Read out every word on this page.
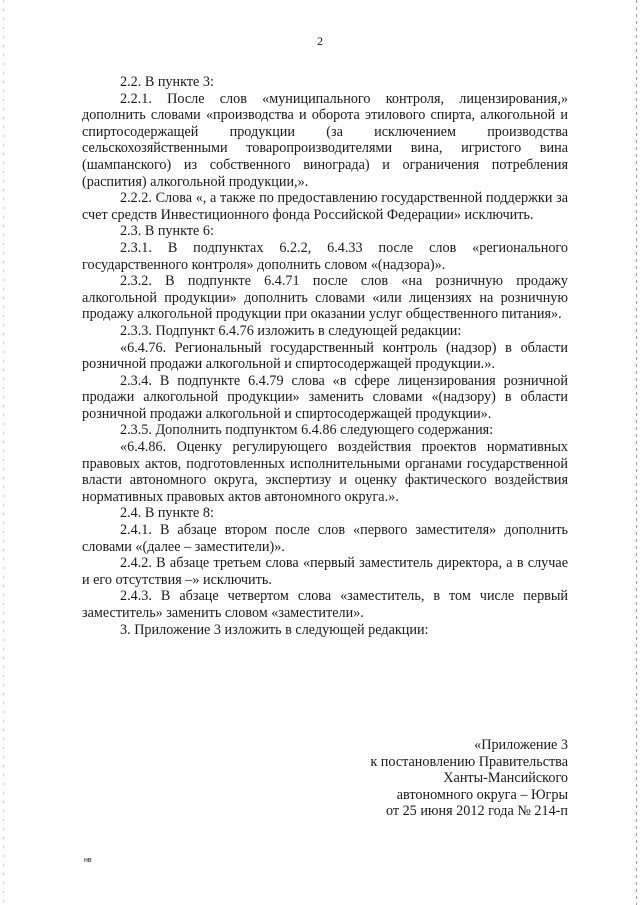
2

2.2. В пункте 3:

2.2.1. После слов «муниципального контроля, лицензирования,» дополнить словами «производства и оборота этилового спирта, алкогольной и спиртосодержащей продукции (за исключением производства сельскохозяйственными товаропроизводителями вина, игристого вина (шампанского) из собственного винограда) и ограничения потребления (распития) алкогольной продукции,».

2.2.2. Слова «, а также по предоставлению государственной поддержки за счет средств Инвестиционного фонда Российской Федерации» исключить.

2.3. В пункте 6:

2.3.1. В подпунктах 6.2.2, 6.4.33 после слов «регионального государственного контроля» дополнить словом «(надзора)».

2.3.2. В подпункте 6.4.71 после слов «на розничную продажу алкогольной продукции» дополнить словами «или лицензиях на розничную продажу алкогольной продукции при оказании услуг общественного питания».

2.3.3. Подпункт 6.4.76 изложить в следующей редакции:

«6.4.76. Региональный государственный контроль (надзор) в области розничной продажи алкогольной и спиртосодержащей продукции.».

2.3.4. В подпункте 6.4.79 слова «в сфере лицензирования розничной продажи алкогольной продукции» заменить словами «(надзору) в области розничной продажи алкогольной и спиртосодержащей продукции».

2.3.5. Дополнить подпунктом 6.4.86 следующего содержания:

«6.4.86. Оценку регулирующего воздействия проектов нормативных правовых актов, подготовленных исполнительными органами государственной власти автономного округа, экспертизу и оценку фактического воздействия нормативных правовых актов автономного округа.».

2.4. В пункте 8:

2.4.1. В абзаце втором после слов «первого заместителя» дополнить словами «(далее – заместители)».

2.4.2. В абзаце третьем слова «первый заместитель директора, а в случае и его отсутствия –» исключить.

2.4.3. В абзаце четвертом слова «заместитель, в том числе первый заместитель» заменить словом «заместители».

3. Приложение 3 изложить в следующей редакции:

«Приложение 3
к постановлению Правительства
Ханты-Мансийского
автономного округа – Югры
от 25 июня 2012 года № 214-п
нв
